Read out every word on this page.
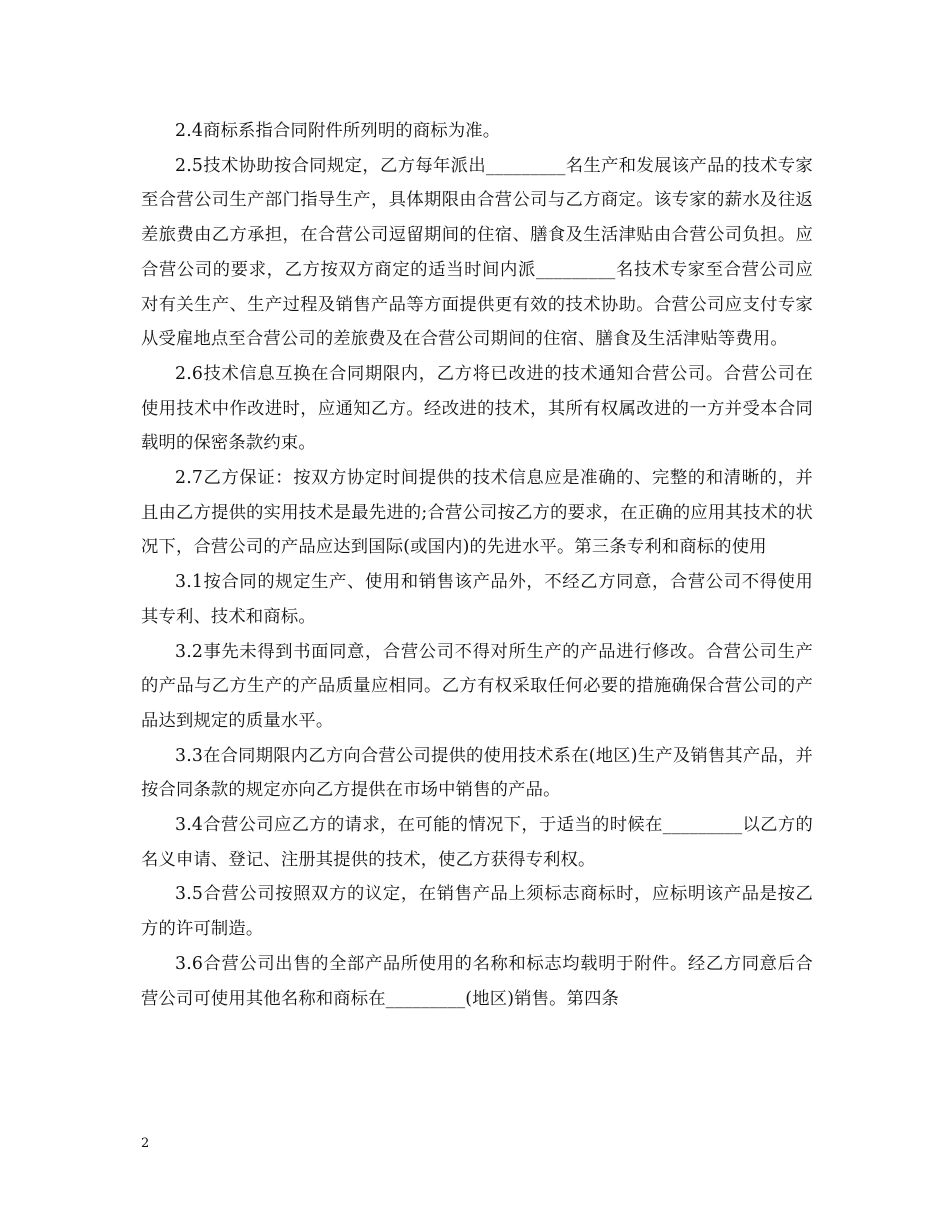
2.4商标系指合同附件所列明的商标为准。

2.5技术协助按合同规定，乙方每年派出_________名生产和发展该产品的技术专家至合营公司生产部门指导生产，具体期限由合营公司与乙方商定。该专家的薪水及往返差旅费由乙方承担，在合营公司逗留期间的住宿、膳食及生活津贴由合营公司负担。应合营公司的要求，乙方按双方商定的适当时间内派_________名技术专家至合营公司应对有关生产、生产过程及销售产品等方面提供更有效的技术协助。合营公司应支付专家从受雇地点至合营公司的差旅费及在合营公司期间的住宿、膳食及生活津贴等费用。

2.6技术信息互换在合同期限内，乙方将已改进的技术通知合营公司。合营公司在使用技术中作改进时，应通知乙方。经改进的技术，其所有权属改进的一方并受本合同载明的保密条款约束。

2.7乙方保证：按双方协定时间提供的技术信息应是准确的、完整的和清晰的，并且由乙方提供的实用技术是最先进的;合营公司按乙方的要求，在正确的应用其技术的状况下，合营公司的产品应达到国际(或国内)的先进水平。第三条专利和商标的使用

3.1按合同的规定生产、使用和销售该产品外，不经乙方同意，合营公司不得使用其专利、技术和商标。

3.2事先未得到书面同意，合营公司不得对所生产的产品进行修改。合营公司生产的产品与乙方生产的产品质量应相同。乙方有权采取任何必要的措施确保合营公司的产品达到规定的质量水平。

3.3在合同期限内乙方向合营公司提供的使用技术系在(地区)生产及销售其产品，并按合同条款的规定亦向乙方提供在市场中销售的产品。

3.4合营公司应乙方的请求，在可能的情况下，于适当的时候在_________以乙方的名义申请、登记、注册其提供的技术，使乙方获得专利权。

3.5合营公司按照双方的议定，在销售产品上须标志商标时，应标明该产品是按乙方的许可制造。

3.6合营公司出售的全部产品所使用的名称和标志均载明于附件。经乙方同意后合营公司可使用其他名称和商标在_________(地区)销售。第四条

2
